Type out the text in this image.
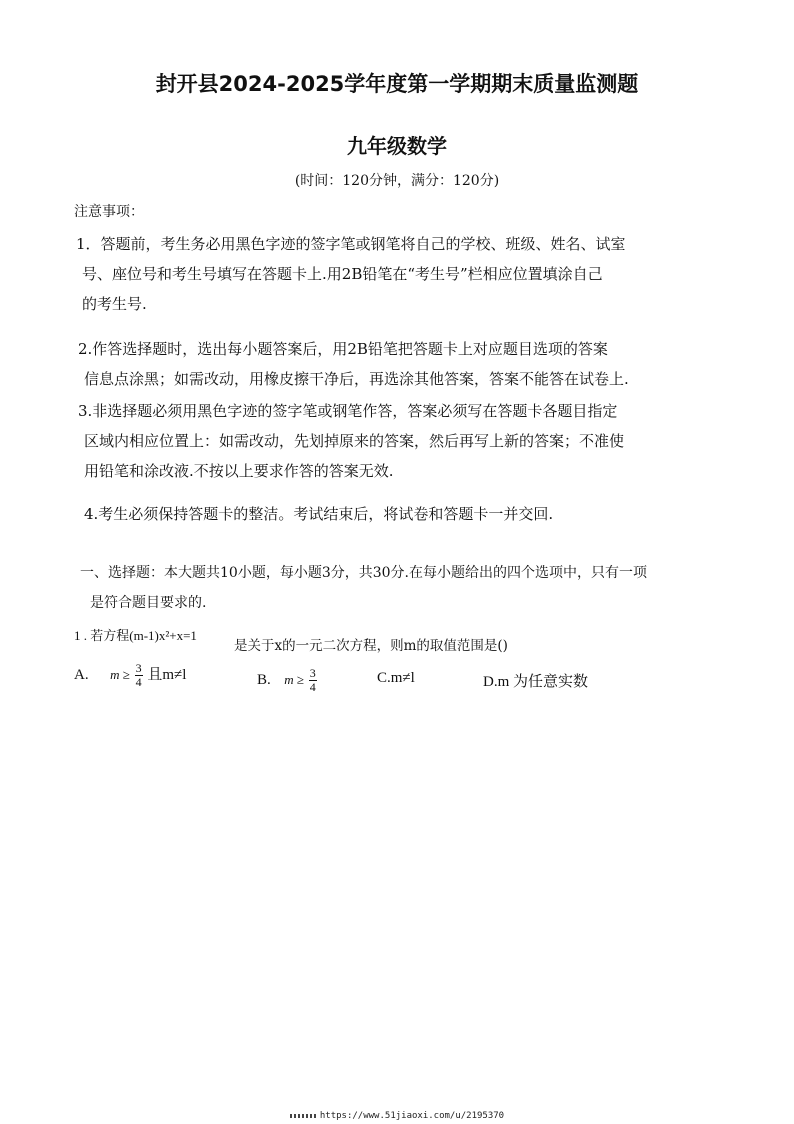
封开县2024-2025学年度第一学期期末质量监测题
九年级数学
(时间：120分钟，满分：120分)
注意事项：
1．答题前，考生务必用黑色字迹的签字笔或钢笔将自己的学校、班级、姓名、试室
号、座位号和考生号填写在答题卡上.用2B铅笔在“考生号”栏相应位置填涂自己
的考生号.
2.作答选择题时，选出每小题答案后，用2B铅笔把答题卡上对应题目选项的答案
信息点涂黑；如需改动，用橡皮擦干净后，再选涂其他答案，答案不能答在试卷上.
3.非选择题必须用黑色字迹的签字笔或钢笔作答，答案必须写在答题卡各题目指定
区域内相应位置上：如需改动，先划掉原来的答案，然后再写上新的答案；不准使
用铅笔和涂改液.不按以上要求作答的答案无效.
4.考生必须保持答题卡的整洁。考试结束后，将试卷和答题卡一并交回.
一、选择题：本大题共10小题，每小题3分，共30分.在每小题给出的四个选项中，只有一项
是符合题目要求的.
1 . 若方程(m-1)x²+x=1
是关于x的一元二次方程，则m的取值范围是()
A. $m \ge \frac{3}{4}$ 且m≠l	B. $m \ge \frac{3}{4}$	C.m≠l	D.m 为任意实数
https://www.51jiaoxi.com/u/2195370
